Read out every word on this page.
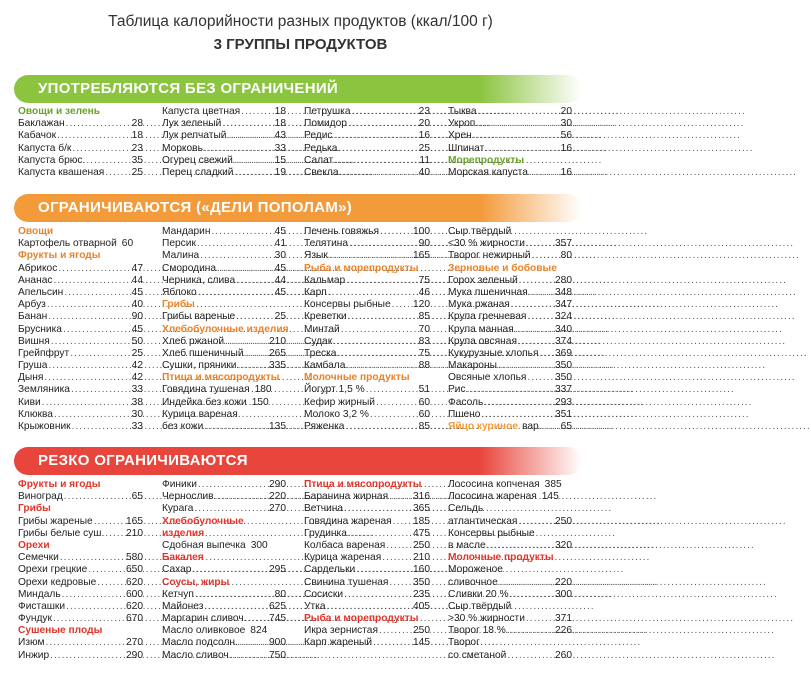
Таблица калорийности разных продуктов (ккал/100 г)
3 ГРУППЫ ПРОДУКТОВ
УПОТРЕБЛЯЮТСЯ БЕЗ ОГРАНИЧЕНИЙ
ОГРАНИЧИВАЮТСЯ («ДЕЛИ ПОПОЛАМ»)
РЕЗКО ОГРАНИЧИВАЮТСЯ
Овощи и зелень
Баклажан .....	28
Кабачок .....	18
Капуста б/к .....	23
Капуста брюс. .....	35
Капуста квашеная .....	25
Капуста цветная .....	18
Лук зеленый .....	18
Лук репчатый .....	43
Морковь .....	33
Огурец свежий .....	15
Перец сладкий .....	19
Петрушка .....	23
Помидор .....	20
Редис .....	16
Редька .....	25
Салат .....	11
Свекла .....	40
Тыква .....	20
Укроп .....	30
Хрен .....	56
Шпинат .....	16
Морепродукты
Морская капуста .....	16
Овощи
Картофель отварной 60
Фрукты и ягоды
Абрикос .....	47
Ананас .....	44
Апельсин .....	45
Арбуз .....	40
Банан .....	90
Брусника .....	45
Вишня .....	50
Грейпфрут .....	25
Груша .....	42
Дыня .....	42
Земляника .....	33
Киви .....	38
Клюква .....	30
Крыжовник .....	33
Мандарин .....	45
Персик .....	41
Малина .....	30
Смородина .....	45
Черника, слива .....	44
Яблоко .....	45
Грибы
Грибы вареные .....	25
Хлебобулочные изделия
Хлеб ржаной .....	210
Хлеб пшеничный ..... 265
Сушки, пряники .....	335
Птица и мясопродукты
Говядина тушеная 180
Индейка без кожи 150
Курица вареная
без кожи .....	135
Печень говяжья .....	100
Телятина .....	90
Язык .....	165
Рыба и морепродукты
Кальмар .....	75
Карп .....	46
Консервы рыбные ..... 120
Креветки .....	85
Минтай .....	70
Судак .....	83
Треска .....	75
Камбала .....	88
Молочные продукты
Йогурт 1,5 % .....	51
Кефир жирный .....	60
Молоко 3,2 % .....	60
Ряженка .....	85
Сыр твёрдый
<30 % жирности .....	357
Творог нежирный .....	80
Зерновые и бобовые
Горох зеленый .....	280
Мука пшеничная .....	348
Мука ржаная .....	347
Крупа гречневая .....	324
Крупа манная .....	340
Крупа овсяная .....	374
Кукурузные хлопья ..... 369
Макароны .....	350
Овсяные хлопья .....	350
Рис .....	337
Фасоль .....	293
Пшено .....	351
Яйцо куриное вар. ..... 65
Фрукты и ягоды
Виноград .....	65
Грибы
Грибы жареные .....	165
Грибы белые суш. ..... 210
Орехи
Семечки .....	580
Орехи грецкие .....	650
Орехи кедровые .....	620
Миндаль .....	600
Фисташки .....	620
Фундук .....	670
Сушеные плоды
Изюм .....	270
Инжир .....	290
Финики .....	290
Чернослив .....	220
Курага .....	270
Хлебобулочные
изделия
Сдобная выпечка 300
Бакалея
Сахар .....	295
Соусы, жиры
Кетчуп .....	80
Майонез .....	625
Маргарин сливоч. ..... 745
Масло оливковое 824
Масло подсолн. .....	900
Масло сливоч. .....	750
Птица и мясопродукты
Баранина жирная ..... 316
Ветчина .....	365
Говядина жареная ..... 185
Грудинка .....	475
Колбаса вареная .....	250
Курица жареная .....	210
Сардельки .....	160
Свинина тушеная ..... 350
Сосиски .....	235
Утка .....	405
Рыба и морепродукты
Икра зернистая .....	250
Карп жареный .....	145
Лососина копченая 385
Лососина жареная 145
Сельдь
атлантическая .....	250
Консервы рыбные
в масле .....	320
Молочные продукты
Мороженое
сливочное .....	220
Сливки 20 % .....	300
Сыр твёрдый
>30 % жирности .....	371
Творог 18 % .....	226
Творог
со сметаной .....	260
